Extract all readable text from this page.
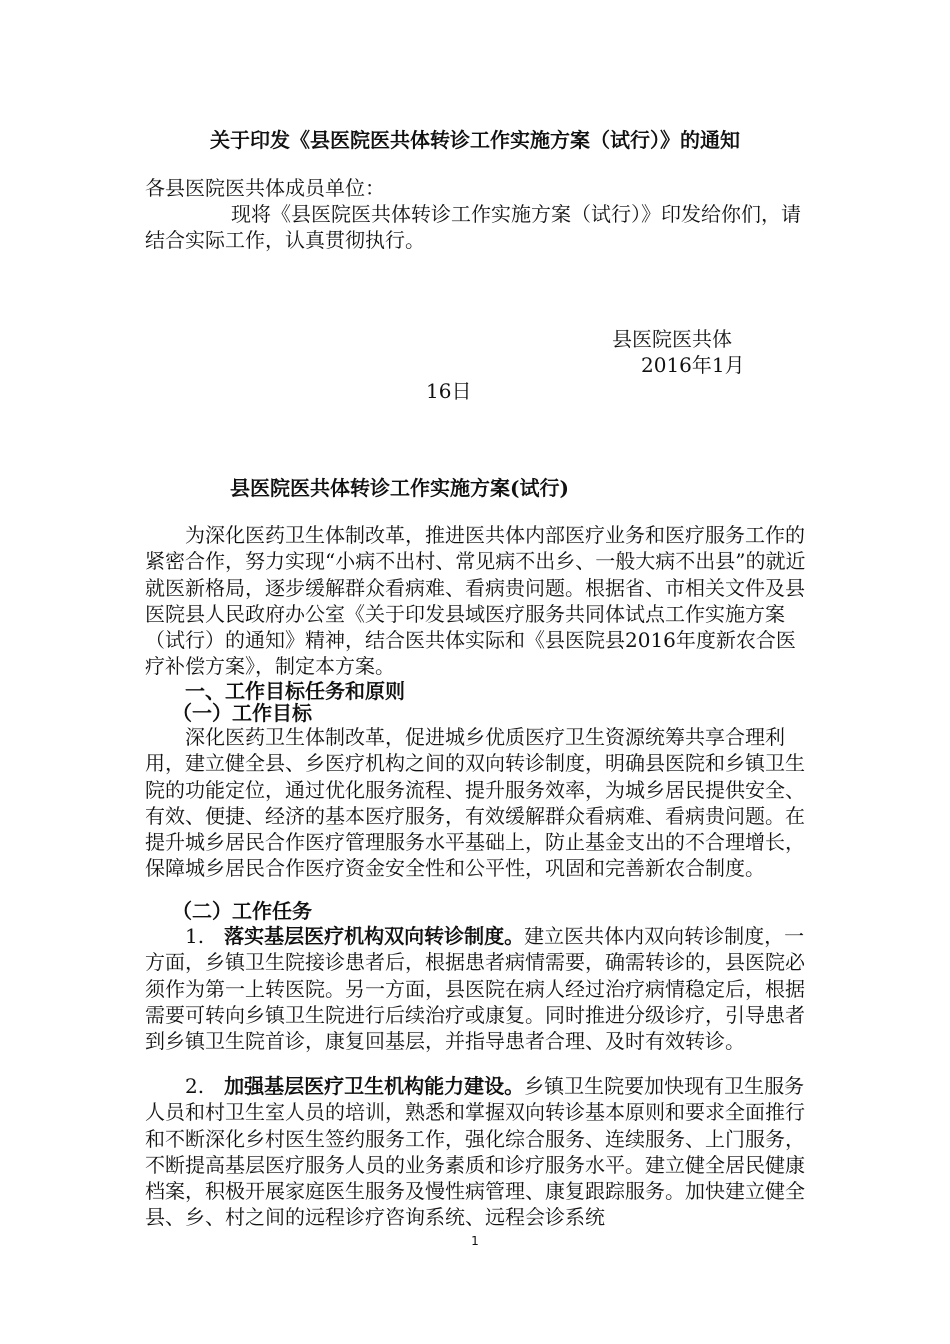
关于印发《县医院医共体转诊工作实施方案（试行）》的通知

各县医院医共体成员单位：

现将《县医院医共体转诊工作实施方案（试行）》印发给你们，请结合实际工作，认真贯彻执行。

县医院医共体

2016年1月

16日

县医院医共体转诊工作实施方案(试行)

为深化医药卫生体制改革，推进医共体内部医疗业务和医疗服务工作的紧密合作，努力实现“小病不出村、常见病不出乡、一般大病不出县”的就近就医新格局，逐步缓解群众看病难、看病贵问题。根据省、市相关文件及县医院县人民政府办公室《关于印发县域医疗服务共同体试点工作实施方案（试行）的通知》精神，结合医共体实际和《县医院县2016年度新农合医疗补偿方案》，制定本方案。

一、工作目标任务和原则

（一）工作目标

深化医药卫生体制改革，促进城乡优质医疗卫生资源统筹共享合理利用，建立健全县、乡医疗机构之间的双向转诊制度，明确县医院和乡镇卫生院的功能定位，通过优化服务流程、提升服务效率，为城乡居民提供安全、有效、便捷、经济的基本医疗服务，有效缓解群众看病难、看病贵问题。在提升城乡居民合作医疗管理服务水平基础上，防止基金支出的不合理增长，保障城乡居民合作医疗资金安全性和公平性，巩固和完善新农合制度。

（二）工作任务

1.　落实基层医疗机构双向转诊制度。建立医共体内双向转诊制度，一方面，乡镇卫生院接诊患者后，根据患者病情需要，确需转诊的，县医院必须作为第一上转医院。另一方面，县医院在病人经过治疗病情稳定后，根据需要可转向乡镇卫生院进行后续治疗或康复。同时推进分级诊疗，引导患者到乡镇卫生院首诊，康复回基层，并指导患者合理、及时有效转诊。

2.　加强基层医疗卫生机构能力建设。乡镇卫生院要加快现有卫生服务人员和村卫生室人员的培训，熟悉和掌握双向转诊基本原则和要求全面推行和不断深化乡村医生签约服务工作，强化综合服务、连续服务、上门服务，不断提高基层医疗服务人员的业务素质和诊疗服务水平。建立健全居民健康档案，积极开展家庭医生服务及慢性病管理、康复跟踪服务。加快建立健全县、乡、村之间的远程诊疗咨询系统、远程会诊系统

1
